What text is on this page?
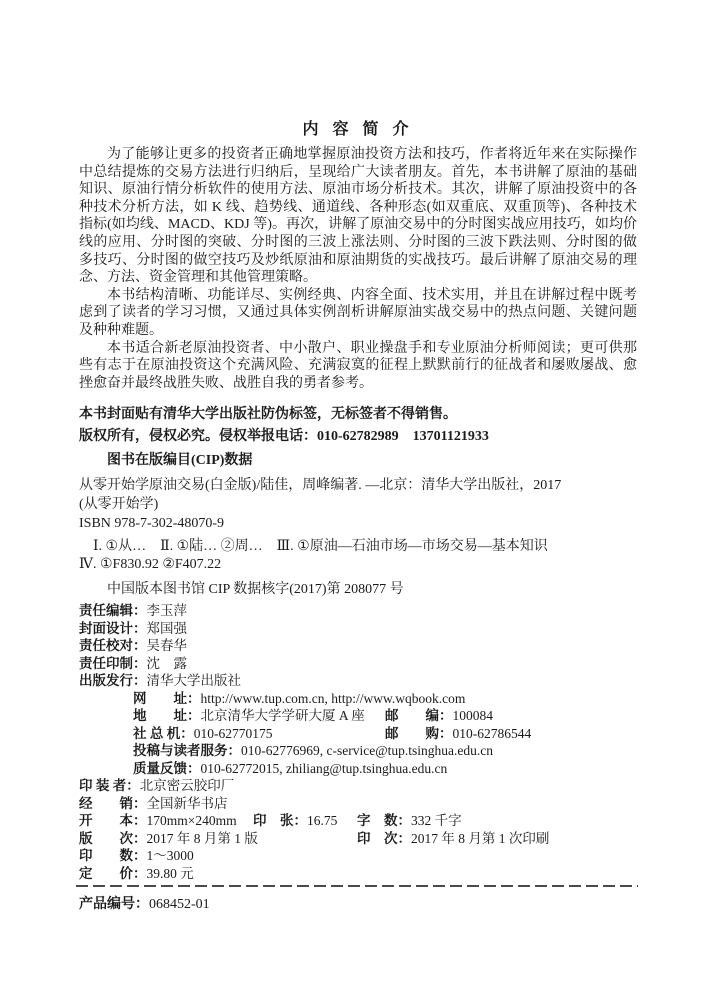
内 容 简 介

为了能够让更多的投资者正确地掌握原油投资方法和技巧，作者将近年来在实际操作中总结提炼的交易方法进行归纳后，呈现给广大读者朋友。首先，本书讲解了原油的基础知识、原油行情分析软件的使用方法、原油市场分析技术。其次，讲解了原油投资中的各种技术分析方法，如 K 线、趋势线、通道线、各种形态(如双重底、双重顶等)、各种技术指标(如均线、MACD、KDJ 等)。再次，讲解了原油交易中的分时图实战应用技巧，如均价线的应用、分时图的突破、分时图的三波上涨法则、分时图的三波下跌法则、分时图的做多技巧、分时图的做空技巧及炒纸原油和原油期货的实战技巧。最后讲解了原油交易的理念、方法、资金管理和其他管理策略。

本书结构清晰、功能详尽、实例经典、内容全面、技术实用，并且在讲解过程中既考虑到了读者的学习习惯，又通过具体实例剖析讲解原油实战交易中的热点问题、关键问题及种种难题。

本书适合新老原油投资者、中小散户、职业操盘手和专业原油分析师阅读；更可供那些有志于在原油投资这个充满风险、充满寂寞的征程上默默前行的征战者和屡败屡战、愈挫愈奋并最终战胜失败、战胜自我的勇者参考。

本书封面贴有清华大学出版社防伪标签，无标签者不得销售。

版权所有，侵权必究。侵权举报电话：010-62782989　13701121933

图书在版编目(CIP)数据

从零开始学原油交易(白金版)/陆佳，周峰编著. —北京：清华大学出版社，2017

(从零开始学)

ISBN 978-7-302-48070-9

Ⅰ. ①从…　Ⅱ. ①陆… ②周…　Ⅲ. ①原油—石油市场—市场交易—基本知识

Ⅳ. ①F830.92 ②F407.22

中国版本图书馆 CIP 数据核字(2017)第 208077 号

责任编辑：李玉萍
封面设计：郑国强
责任校对：吴春华
责任印制：沈　露
出版发行：清华大学出版社
网　　址：http://www.tup.com.cn, http://www.wqbook.com
地　　址：北京清华大学学研大厦 A 座 邮　　编：100084
社 总 机：010-62770175	邮　　购：010-62786544
投稿与读者服务：010-62776969, c-service@tup.tsinghua.edu.cn
质量反馈：010-62772015, zhiliang@tup.tsinghua.edu.cn
印 装 者：北京密云胶印厂
经　　销：全国新华书店
开　　本：170mm×240mm 印　张：16.75 字　数：332 千字
版　　次：2017 年 8 月第 1 版	印　次：2017 年 8 月第 1 次印刷
印　　数：1～3000
定　　价：39.80 元

产品编号：068452-01
